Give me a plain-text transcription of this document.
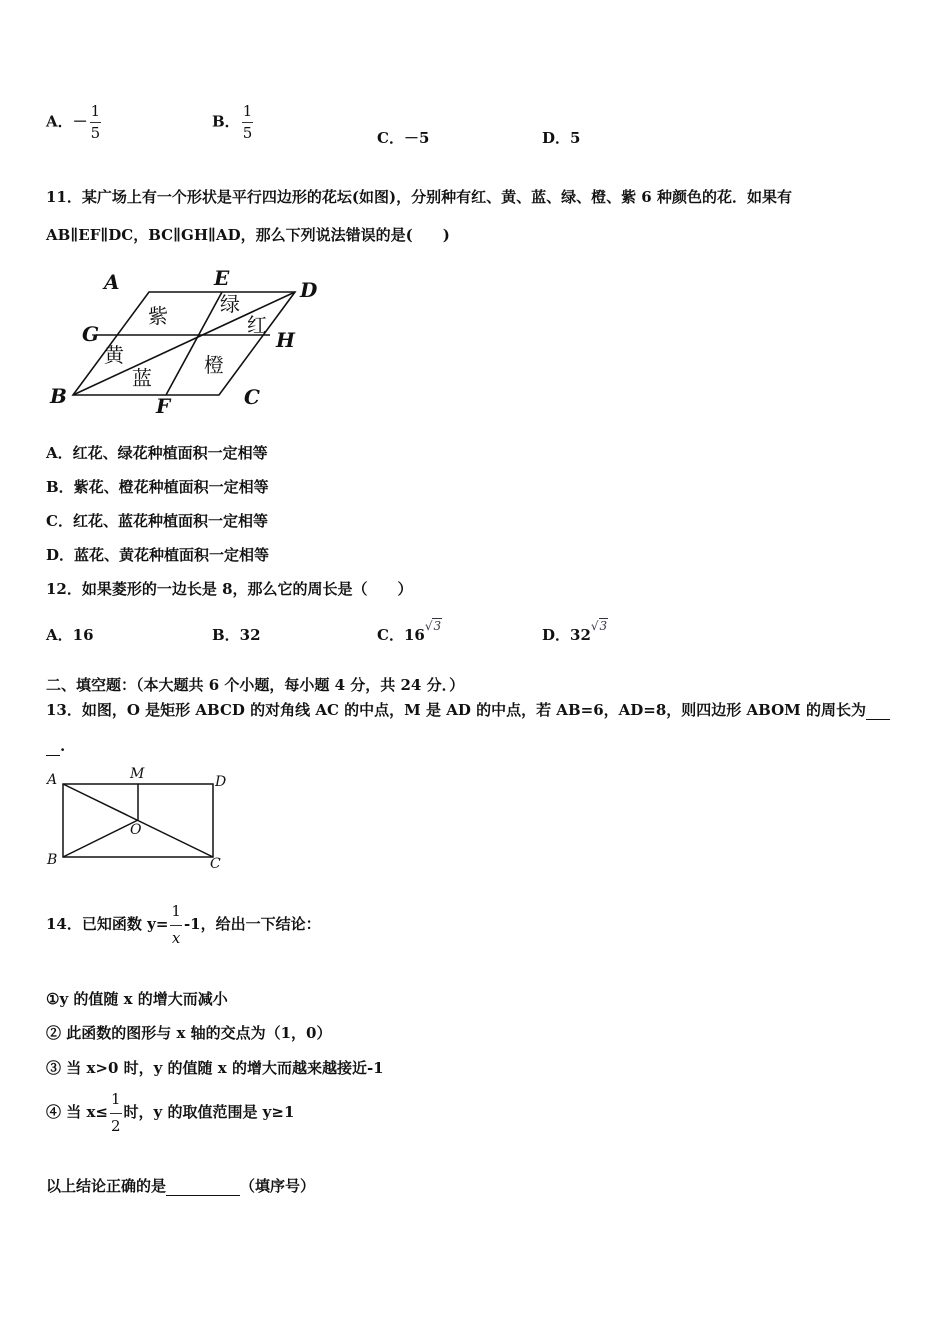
A．－ $\frac{1}{5}$	B． $\frac{1}{5}$	C．－5	D．5
11．某广场上有一个形状是平行四边形的花坛(如图)，分别种有红、黄、蓝、绿、橙、紫 6 种颜色的花．如果有
AB∥EF∥DC，BC∥GH∥AD，那么下列说法错误的是(　　)
A	E	D
G	H
B	F	C
紫	绿
红
黄	橙
蓝
A．红花、绿花种植面积一定相等
B．紫花、橙花种植面积一定相等
C．红花、蓝花种植面积一定相等
D．蓝花、黄花种植面积一定相等
12．如果菱形的一边长是 8，那么它的周长是（　　）
A．16	B．32	C．$16^{√3}$	D．$32^{√3}$
二、填空题：（本大题共 6 个小题，每小题 4 分，共 24 分．）
13．如图，O 是矩形 ABCD 的对角线 AC 的中点，M 是 AD 的中点，若 AB=6，AD=8，则四边形 ABOM 的周长为
.
A	M	D
O
B	C
14．已知函数 $y= \frac{1}{x} -1$，给出一下结论：
①y 的值随 x 的增大而减小
② 此函数的图形与 x 轴的交点为（1，0）
③ 当 x>0 时，y 的值随 x 的增大而越来越接近-1
④ 当 $x\le \frac{1}{2}$ 时，y 的取值范围是 y≥1
以上结论正确的是	（填序号）
